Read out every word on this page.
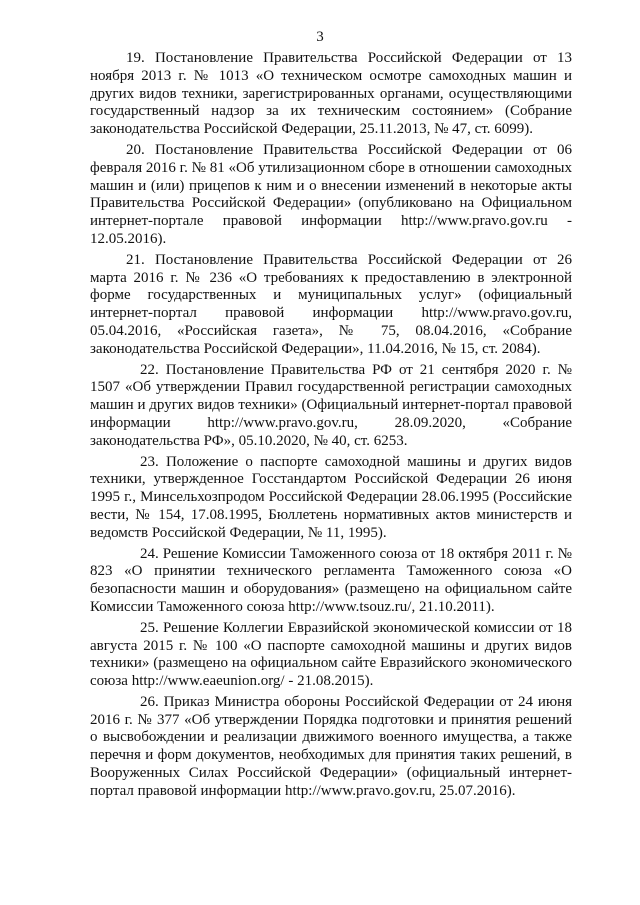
3

19. Постановление Правительства Российской Федерации от 13 ноября 2013 г. № 1013 «О техническом осмотре самоходных машин и других видов техники, зарегистрированных органами, осуществляющими государственный надзор за их техническим состоянием» (Собрание законодательства Российской Федерации, 25.11.2013, № 47, ст. 6099).

20. Постановление Правительства Российской Федерации от 06 февраля 2016 г. № 81 «Об утилизационном сборе в отношении самоходных машин и (или) прицепов к ним и о внесении изменений в некоторые акты Правительства Российской Федерации» (опубликовано на Официальном интернет-портале правовой информации http://www.pravo.gov.ru - 12.05.2016).

21. Постановление Правительства Российской Федерации от 26 марта 2016 г. № 236 «О требованиях к предоставлению в электронной форме государственных и муниципальных услуг» (официальный интернет-портал правовой информации http://www.pravo.gov.ru, 05.04.2016, «Российская газета», № 75, 08.04.2016, «Собрание законодательства Российской Федерации», 11.04.2016, № 15, ст. 2084).

22. Постановление Правительства РФ от 21 сентября 2020 г. № 1507 «Об утверждении Правил государственной регистрации самоходных машин и других видов техники» (Официальный интернет-портал правовой информации http://www.pravo.gov.ru, 28.09.2020, «Собрание законодательства РФ», 05.10.2020, № 40, ст. 6253.

23. Положение о паспорте самоходной машины и других видов техники, утвержденное Госстандартом Российской Федерации 26 июня 1995 г., Минсельхозпродом Российской Федерации 28.06.1995 (Российские вести, № 154, 17.08.1995, Бюллетень нормативных актов министерств и ведомств Российской Федерации, № 11, 1995).

24. Решение Комиссии Таможенного союза от 18 октября 2011 г. № 823 «О принятии технического регламента Таможенного союза «О безопасности машин и оборудования» (размещено на официальном сайте Комиссии Таможенного союза http://www.tsouz.ru/, 21.10.2011).

25. Решение Коллегии Евразийской экономической комиссии от 18 августа 2015 г. № 100 «О паспорте самоходной машины и других видов техники» (размещено на официальном сайте Евразийского экономического союза http://www.eaeunion.org/ - 21.08.2015).

26. Приказ Министра обороны Российской Федерации от 24 июня 2016 г. № 377 «Об утверждении Порядка подготовки и принятия решений о высвобождении и реализации движимого военного имущества, а также перечня и форм документов, необходимых для принятия таких решений, в Вооруженных Силах Российской Федерации» (официальный интернет-портал правовой информации http://www.pravo.gov.ru, 25.07.2016).
